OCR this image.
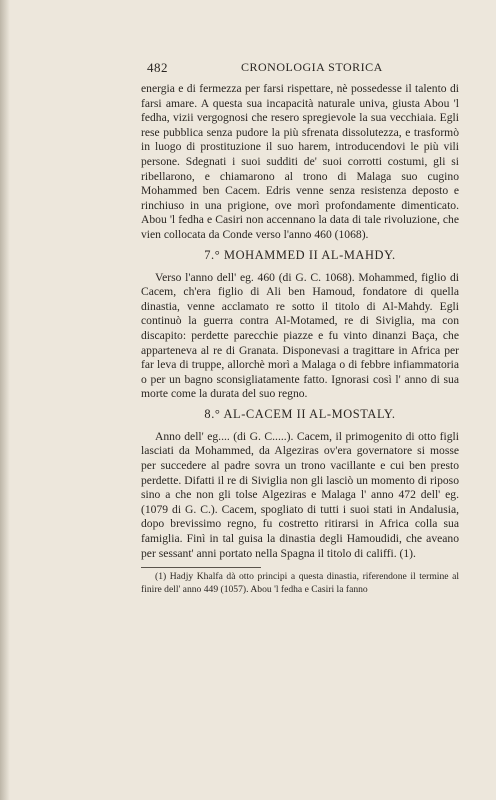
482	CRONOLOGIA STORICA

energia e di fermezza per farsi rispettare, nè possedesse il talento di farsi amare. A questa sua incapacità naturale univa, giusta Abou 'l fedha, vizii vergognosi che resero spregievole la sua vecchiaia. Egli rese pubblica senza pudore la più sfrenata dissolutezza, e trasformò in luogo di prostituzione il suo harem, introducendovi le più vili persone. Sdegnati i suoi sudditi de' suoi corrotti costumi, gli si ribellarono, e chiamarono al trono di Malaga suo cugino Mohammed ben Cacem. Edris venne senza resistenza deposto e rinchiuso in una prigione, ove morì profondamente dimenticato. Abou 'l fedha e Casiri non accennano la data di tale rivoluzione, che vien collocata da Conde verso l'anno 460 (1068).

7.° MOHAMMED II AL-MAHDY.

Verso l'anno dell' eg. 460 (di G. C. 1068). Mohammed, figlio di Cacem, ch'era figlio di Ali ben Hamoud, fondatore di quella dinastia, venne acclamato re sotto il titolo di Al-Mahdy. Egli continuò la guerra contra Al-Motamed, re di Siviglia, ma con discapito: perdette parecchie piazze e fu vinto dinanzi Baça, che apparteneva al re di Granata. Disponevasi a tragittare in Africa per far leva di truppe, allorchè morì a Malaga o di febbre infiammatoria o per un bagno sconsigliatamente fatto. Ignorasi così l' anno di sua morte come la durata del suo regno.

8.° AL-CACEM II AL-MOSTALY.

Anno dell' eg.... (di G. C.....). Cacem, il primogenito di otto figli lasciati da Mohammed, da Algeziras ov'era governatore si mosse per succedere al padre sovra un trono vacillante e cui ben presto perdette. Difatti il re di Siviglia non gli lasciò un momento di riposo sino a che non gli tolse Algeziras e Malaga l' anno 472 dell' eg. (1079 di G. C.). Cacem, spogliato di tutti i suoi stati in Andalusia, dopo brevissimo regno, fu costretto ritirarsi in Africa colla sua famiglia. Finì in tal guisa la dinastia degli Hamoudidi, che aveano per sessant' anni portato nella Spagna il titolo di califfi. (1).

(1) Hadjy Khalfa dà otto principi a questa dinastia, riferendone il termine al finire dell' anno 449 (1057). Abou 'l fedha e Casiri la fanno
